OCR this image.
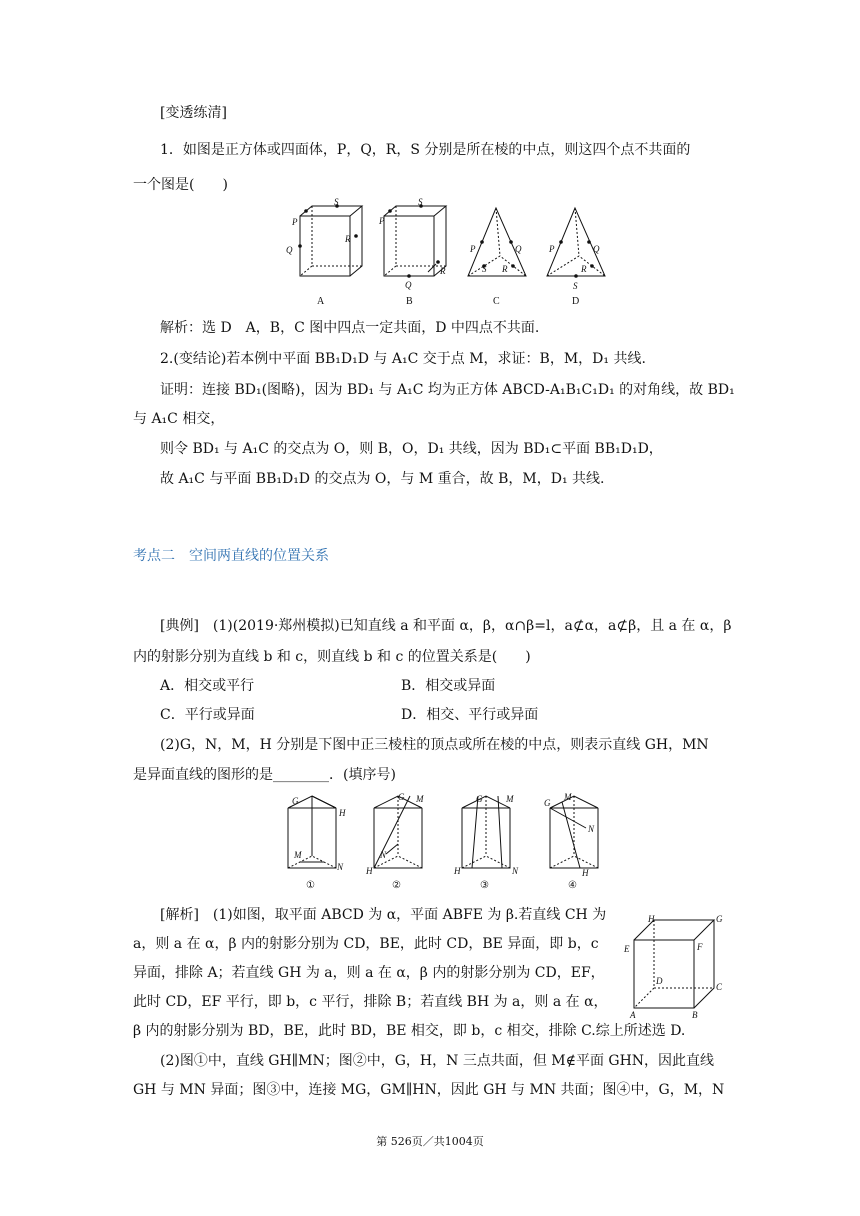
[变透练清]
1．如图是正方体或四面体，P，Q，R，S 分别是所在棱的中点，则这四个点不共面的
一个图是(　　)
P
S
R
Q
P
S
Q
R
P	Q
S R
P	Q
R
S
A	B	C	D
解析：选 D　A，B，C 图中四点一定共面，D 中四点不共面.
2.(变结论)若本例中平面 BB₁D₁D 与 A₁C 交于点 M，求证：B，M，D₁ 共线.
证明：连接 BD₁(图略)，因为 BD₁ 与 A₁C 均为正方体 ABCD-A₁B₁C₁D₁ 的对角线，故 BD₁
与 A₁C 相交，
则令 BD₁ 与 A₁C 的交点为 O，则 B，O，D₁ 共线，因为 BD₁⊂平面 BB₁D₁D，
故 A₁C 与平面 BB₁D₁D 的交点为 O，与 M 重合，故 B，M，D₁ 共线.
考点二　空间两直线的位置关系
[典例]　(1)(2019·郑州模拟)已知直线 a 和平面 α，β，α∩β=l，a⊄α，a⊄β，且 a 在 α，β
内的射影分别为直线 b 和 c，则直线 b 和 c 的位置关系是(　　)
A．相交或平行	B．相交或异面
C．平行或异面	D．相交、平行或异面
(2)G，N，M，H 分别是下图中正三棱柱的顶点或所在棱的中点，则表示直线 GH，MN
是异面直线的图形的是________．(填序号)
G
H
M
N
G M
N
H
G	M
H	N
G
M
N
H
①	②	③	④
[解析]　(1)如图，取平面 ABCD 为 α，平面 ABFE 为 β.若直线 CH 为
a，则 a 在 α，β 内的射影分别为 CD，BE，此时 CD，BE 异面，即 b，c
异面，排除 A；若直线 GH 为 a，则 a 在 α，β 内的射影分别为 CD，EF，
此时 CD，EF 平行，即 b，c 平行，排除 B；若直线 BH 为 a，则 a 在 α，
β 内的射影分别为 BD，BE，此时 BD，BE 相交，即 b，c 相交，排除 C.综上所述选 D.
(2)图①中，直线 GH∥MN；图②中，G，H，N 三点共面，但 M∉平面 GHN，因此直线
GH 与 MN 异面；图③中，连接 MG，GM∥HN，因此 GH 与 MN 共面；图④中，G，M，N
H	G
E	F
D
C
A	B
第 526页／共1004页
